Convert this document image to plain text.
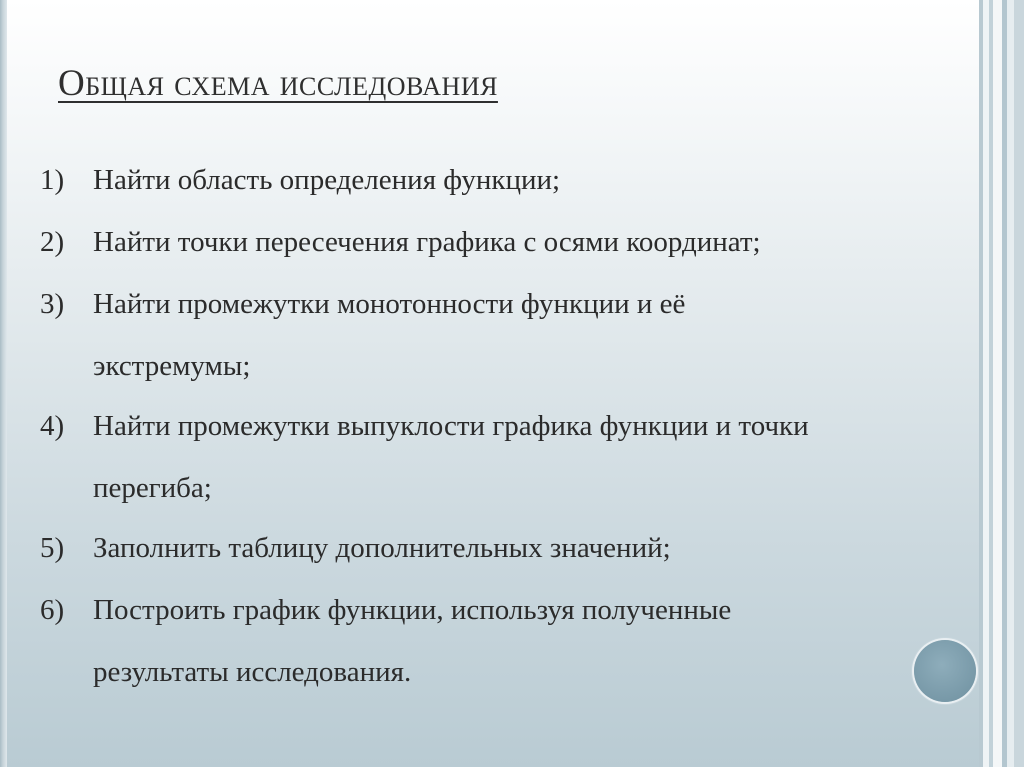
Общая схема исследования
1) Найти область определения функции;
2) Найти точки пересечения графика с осями координат;
3) Найти промежутки монотонности функции и её
экстремумы;
4) Найти промежутки выпуклости графика функции и точки
перегиба;
5) Заполнить таблицу дополнительных значений;
6) Построить график функции, используя полученные
результаты исследования.
